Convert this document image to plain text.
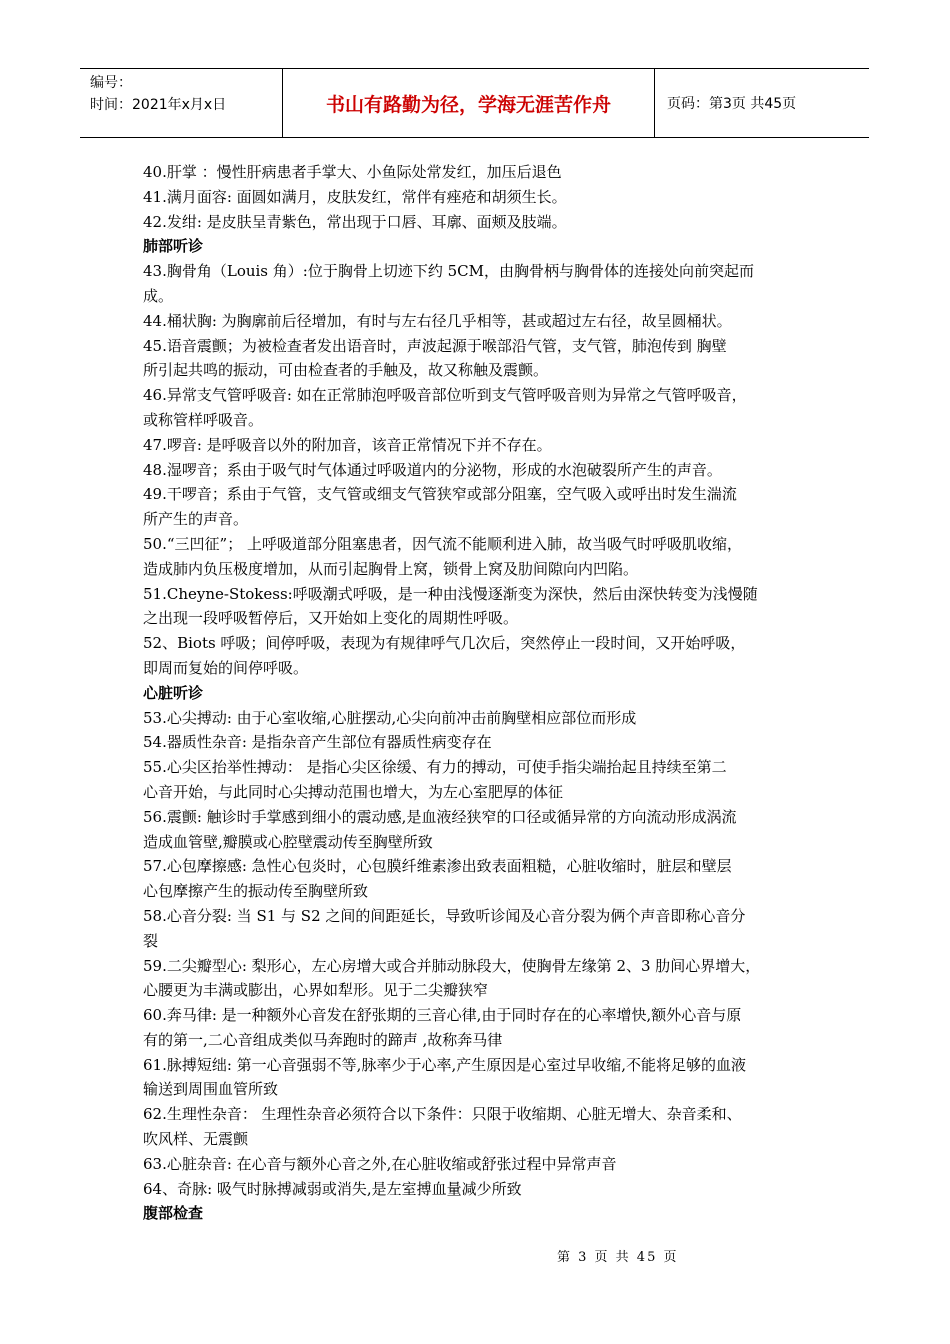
编号：
时间：2021年x月x日	书山有路勤为径，学海无涯苦作舟	页码：第3页 共45页
40.肝掌 ：慢性肝病患者手掌大、小鱼际处常发红，加压后退色
41.满月面容: 面圆如满月，皮肤发红，常伴有痤疮和胡须生长。
42.发绀: 是皮肤呈青紫色，常出现于口唇、耳廓、面颊及肢端。
肺部听诊
43.胸骨角（Louis 角）:位于胸骨上切迹下约 5CM，由胸骨柄与胸骨体的连接处向前突起而
成。
44.桶状胸: 为胸廓前后径增加，有时与左右径几乎相等，甚或超过左右径，故呈圆桶状。
45.语音震颤；为被检查者发出语音时，声波起源于喉部沿气管，支气管，肺泡传到 胸壁
所引起共鸣的振动，可由检查者的手触及，故又称触及震颤。
46.异常支气管呼吸音: 如在正常肺泡呼吸音部位听到支气管呼吸音则为异常之气管呼吸音，
或称管样呼吸音。
47.啰音: 是呼吸音以外的附加音，该音正常情况下并不存在。
48.湿啰音；系由于吸气时气体通过呼吸道内的分泌物，形成的水泡破裂所产生的声音。
49.干啰音；系由于气管，支气管或细支气管狭窄或部分阻塞，空气吸入或呼出时发生湍流
所产生的声音。
50.“三凹征”； 上呼吸道部分阻塞患者，因气流不能顺利进入肺，故当吸气时呼吸肌收缩，
造成肺内负压极度增加，从而引起胸骨上窝，锁骨上窝及肋间隙向内凹陷。
51.Cheyne-Stokess:呼吸潮式呼吸，是一种由浅慢逐渐变为深快，然后由深快转变为浅慢随
之出现一段呼吸暂停后，又开始如上变化的周期性呼吸。
52、Biots 呼吸；间停呼吸，表现为有规律呼气几次后，突然停止一段时间，又开始呼吸，
即周而复始的间停呼吸。
心脏听诊
53.心尖搏动: 由于心室收缩,心脏摆动,心尖向前冲击前胸壁相应部位而形成
54.器质性杂音: 是指杂音产生部位有器质性病变存在
55.心尖区抬举性搏动： 是指心尖区徐缓、有力的搏动，可使手指尖端抬起且持续至第二
心音开始，与此同时心尖搏动范围也增大，为左心室肥厚的体征
56.震颤: 触诊时手掌感到细小的震动感,是血液经狭窄的口径或循异常的方向流动形成涡流
造成血管壁,瓣膜或心腔壁震动传至胸壁所致
57.心包摩擦感: 急性心包炎时，心包膜纤维素渗出致表面粗糙，心脏收缩时，脏层和壁层
心包摩擦产生的振动传至胸壁所致
58.心音分裂: 当 S1 与 S2 之间的间距延长，导致听诊闻及心音分裂为俩个声音即称心音分
裂
59.二尖瓣型心: 梨形心，左心房增大或合并肺动脉段大，使胸骨左缘第 2、3 肋间心界增大，
心腰更为丰满或膨出，心界如犁形。见于二尖瓣狭窄
60.奔马律: 是一种额外心音发在舒张期的三音心律,由于同时存在的心率增快,额外心音与原
有的第一,二心音组成类似马奔跑时的蹄声 ,故称奔马律
61.脉搏短绌: 第一心音强弱不等,脉率少于心率,产生原因是心室过早收缩,不能将足够的血液
输送到周围血管所致
62.生理性杂音： 生理性杂音必须符合以下条件：只限于收缩期、心脏无增大、杂音柔和、
吹风样、无震颤
63.心脏杂音: 在心音与额外心音之外,在心脏收缩或舒张过程中异常声音
64、奇脉: 吸气时脉搏减弱或消失,是左室搏血量减少所致
腹部检查
第 3 页 共 45 页
